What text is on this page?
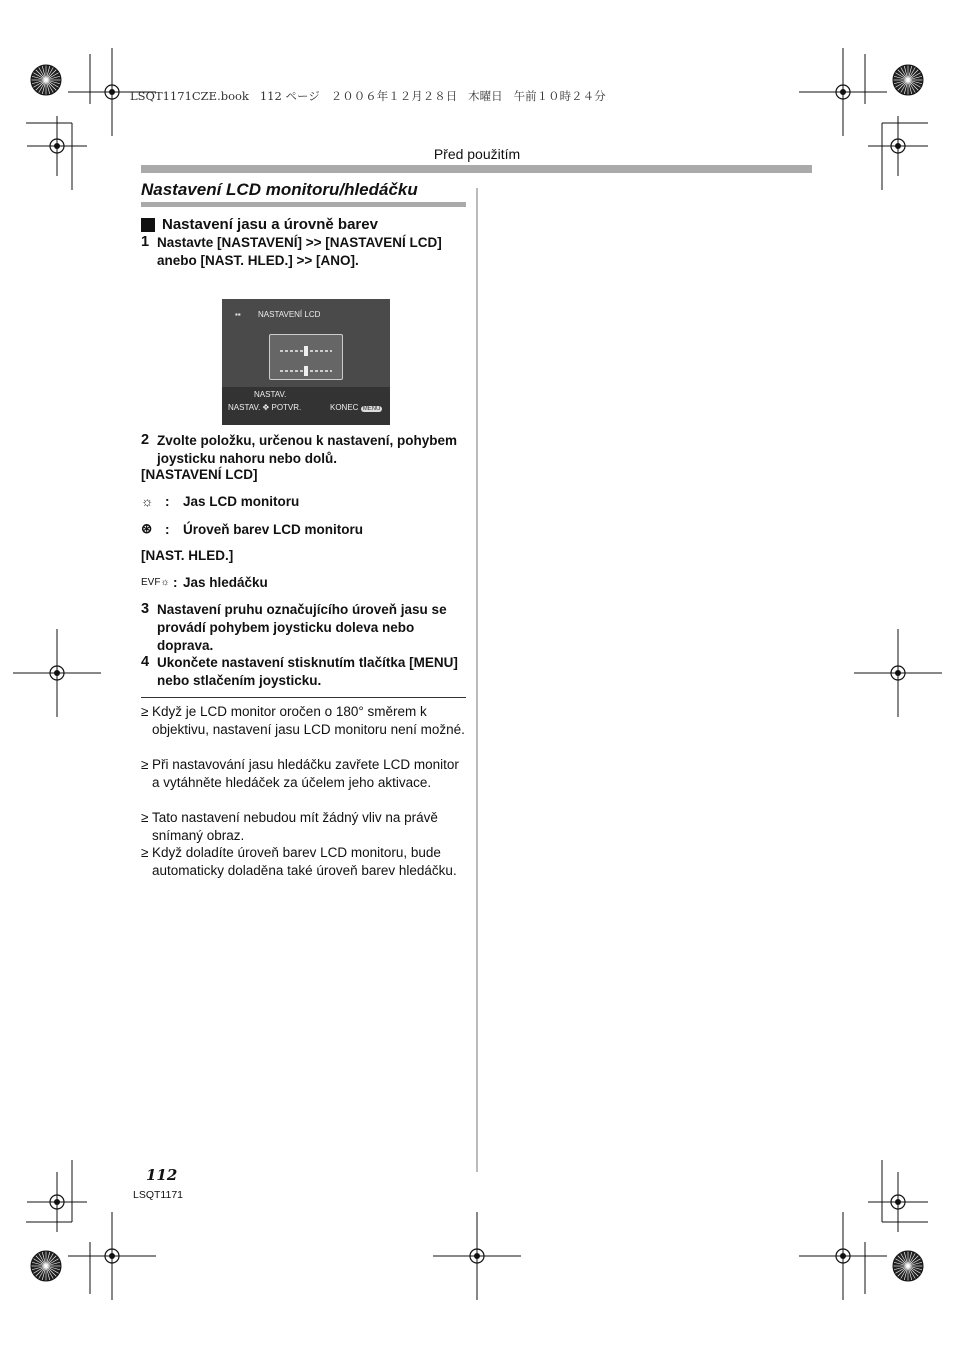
LSQT1171CZE.book   112 ページ   ２００６年１２月２８日   木曜日   午前１０時２４分
Před použitím
Nastavení LCD monitoru/hledáčku
Nastavení jasu a úrovně barev
1 Nastavte [NASTAVENÍ] >> [NASTAVENÍ LCD] anebo [NAST. HLED.] >> [ANO].
▪▪ NASTAVENÍ LCD
NASTAV.
NASTAV. ✥ POTVR.	KONEC MENU
2 Zvolte položku, určenou k nastavení, pohybem joysticku nahoru nebo dolů.
[NASTAVENÍ LCD]
☼ :	Jas LCD monitoru
⊛ :	Úroveň barev LCD monitoru
[NAST. HLED.]
EVF☼ : Jas hledáčku
3 Nastavení pruhu označujícího úroveň jasu se provádí pohybem joysticku doleva nebo doprava.
4 Ukončete nastavení stisknutím tlačítka [MENU] nebo stlačením joysticku.
≥ Když je LCD monitor oročen o 180° směrem k objektivu, nastavení jasu LCD monitoru není možné.
≥ Při nastavování jasu hledáčku zavřete LCD monitor a vytáhněte hledáček za účelem jeho aktivace.
≥ Tato nastavení nebudou mít žádný vliv na právě snímaný obraz.
≥ Když doladíte úroveň barev LCD monitoru, bude automaticky doladěna také úroveň barev hledáčku.
112
LSQT1171
